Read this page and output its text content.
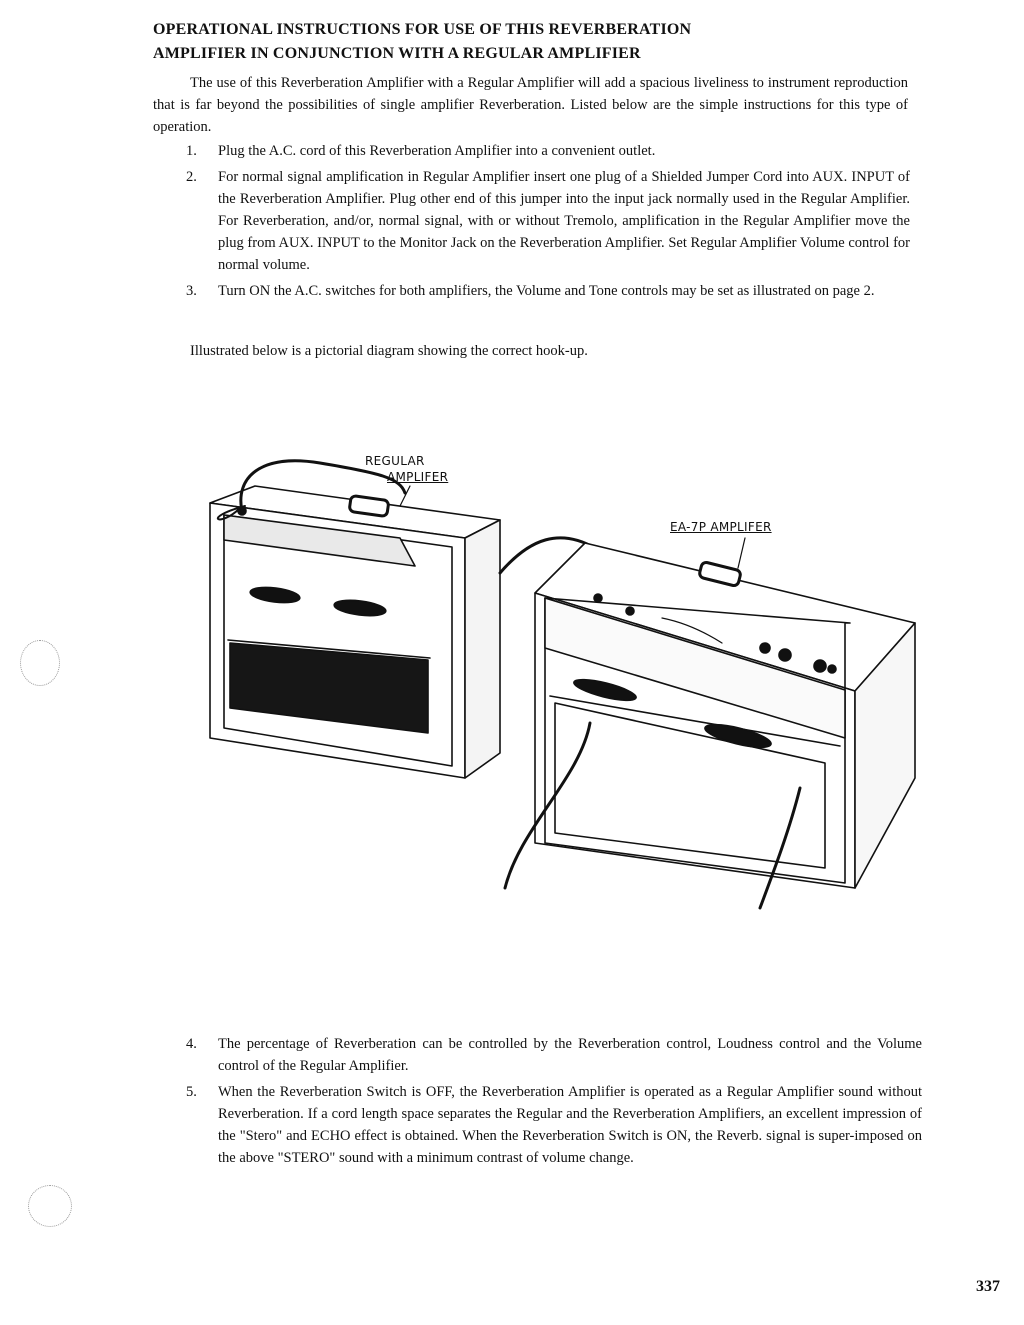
OPERATIONAL INSTRUCTIONS FOR USE OF THIS REVERBERATION
AMPLIFIER IN CONJUNCTION WITH A REGULAR AMPLIFIER
The use of this Reverberation Amplifier with a Regular Amplifier will add a spacious liveliness to instrument reproduction that is far beyond the possibilities of single amplifier Reverberation. Listed below are the simple instructions for this type of operation.
1. Plug the A.C. cord of this Reverberation Amplifier into a convenient outlet.
2. For normal signal amplification in Regular Amplifier insert one plug of a Shielded Jumper Cord into AUX. INPUT of the Reverberation Amplifier. Plug other end of this jumper into the input jack normally used in the Regular Amplifier. For Reverberation, and/or, normal signal, with or without Tremolo, amplification in the Regular Amplifier move the plug from AUX. INPUT to the Monitor Jack on the Reverberation Amplifier. Set Regular Amplifier Volume control for normal volume.
3. Turn ON the A.C. switches for both amplifiers, the Volume and Tone controls may be set as illustrated on page 2.
Illustrated below is a pictorial diagram showing the correct hook-up.
REGULAR
AMPLIFER
EA-7P AMPLIFER
4. The percentage of Reverberation can be controlled by the Reverberation control, Loudness control and the Volume control of the Regular Amplifier.
5. When the Reverberation Switch is OFF, the Reverberation Amplifier is operated as a Regular Amplifier sound without Reverberation. If a cord length space separates the Regular and the Reverberation Amplifiers, an excellent impression of the "Stero" and ECHO effect is obtained. When the Reverberation Switch is ON, the Reverb. signal is super-imposed on the above "STERO" sound with a minimum contrast of volume change.
337
